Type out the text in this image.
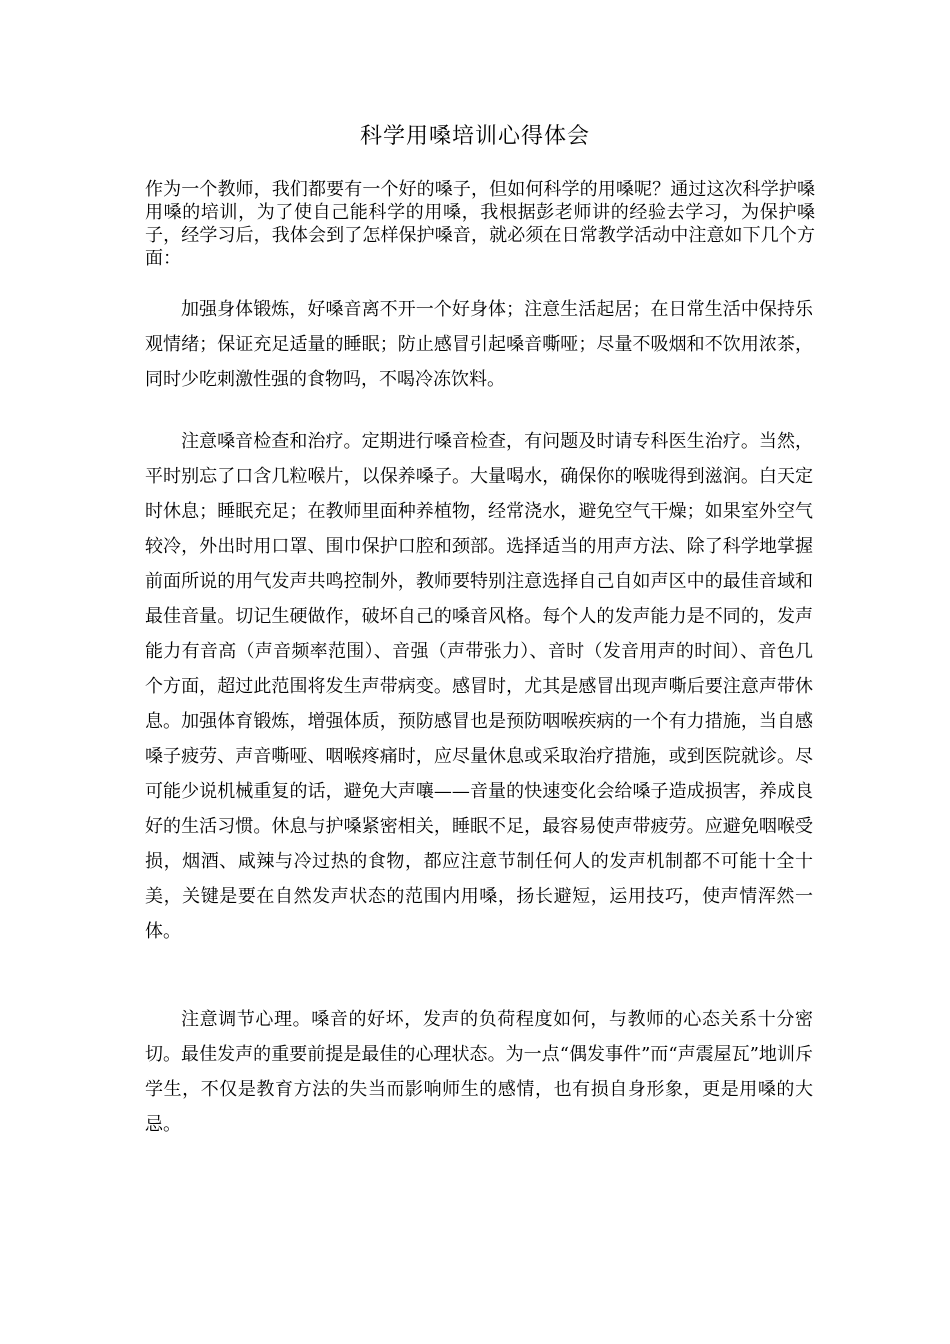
科学用嗓培训心得体会

作为一个教师，我们都要有一个好的嗓子，但如何科学的用嗓呢？通过这次科学护嗓用嗓的培训，为了使自己能科学的用嗓，我根据彭老师讲的经验去学习，为保护嗓子，经学习后，我体会到了怎样保护嗓音，就必须在日常教学活动中注意如下几个方面：

加强身体锻炼，好嗓音离不开一个好身体；注意生活起居；在日常生活中保持乐观情绪；保证充足适量的睡眠；防止感冒引起嗓音嘶哑；尽量不吸烟和不饮用浓茶，同时少吃刺激性强的食物吗，不喝冷冻饮料。

注意嗓音检查和治疗。定期进行嗓音检查，有问题及时请专科医生治疗。当然，平时别忘了口含几粒喉片，以保养嗓子。大量喝水，确保你的喉咙得到滋润。白天定时休息；睡眠充足；在教师里面种养植物，经常浇水，避免空气干燥；如果室外空气较冷，外出时用口罩、围巾保护口腔和颈部。选择适当的用声方法、除了科学地掌握前面所说的用气发声共鸣控制外，教师要特别注意选择自己自如声区中的最佳音域和最佳音量。切记生硬做作，破坏自己的嗓音风格。每个人的发声能力是不同的，发声能力有音高（声音频率范围）、音强（声带张力）、音时（发音用声的时间）、音色几个方面，超过此范围将发生声带病变。感冒时，尤其是感冒出现声嘶后要注意声带休息。加强体育锻炼，增强体质，预防感冒也是预防咽喉疾病的一个有力措施，当自感嗓子疲劳、声音嘶哑、咽喉疼痛时，应尽量休息或采取治疗措施，或到医院就诊。尽可能少说机械重复的话，避免大声嚷——音量的快速变化会给嗓子造成损害，养成良好的生活习惯。休息与护嗓紧密相关，睡眠不足，最容易使声带疲劳。应避免咽喉受损，烟酒、咸辣与冷过热的食物，都应注意节制任何人的发声机制都不可能十全十美，关键是要在自然发声状态的范围内用嗓，扬长避短，运用技巧，使声情浑然一体。

注意调节心理。嗓音的好坏，发声的负荷程度如何，与教师的心态关系十分密切。最佳发声的重要前提是最佳的心理状态。为一点“偶发事件”而“声震屋瓦”地训斥学生，不仅是教育方法的失当而影响师生的感情，也有损自身形象，更是用嗓的大忌。
